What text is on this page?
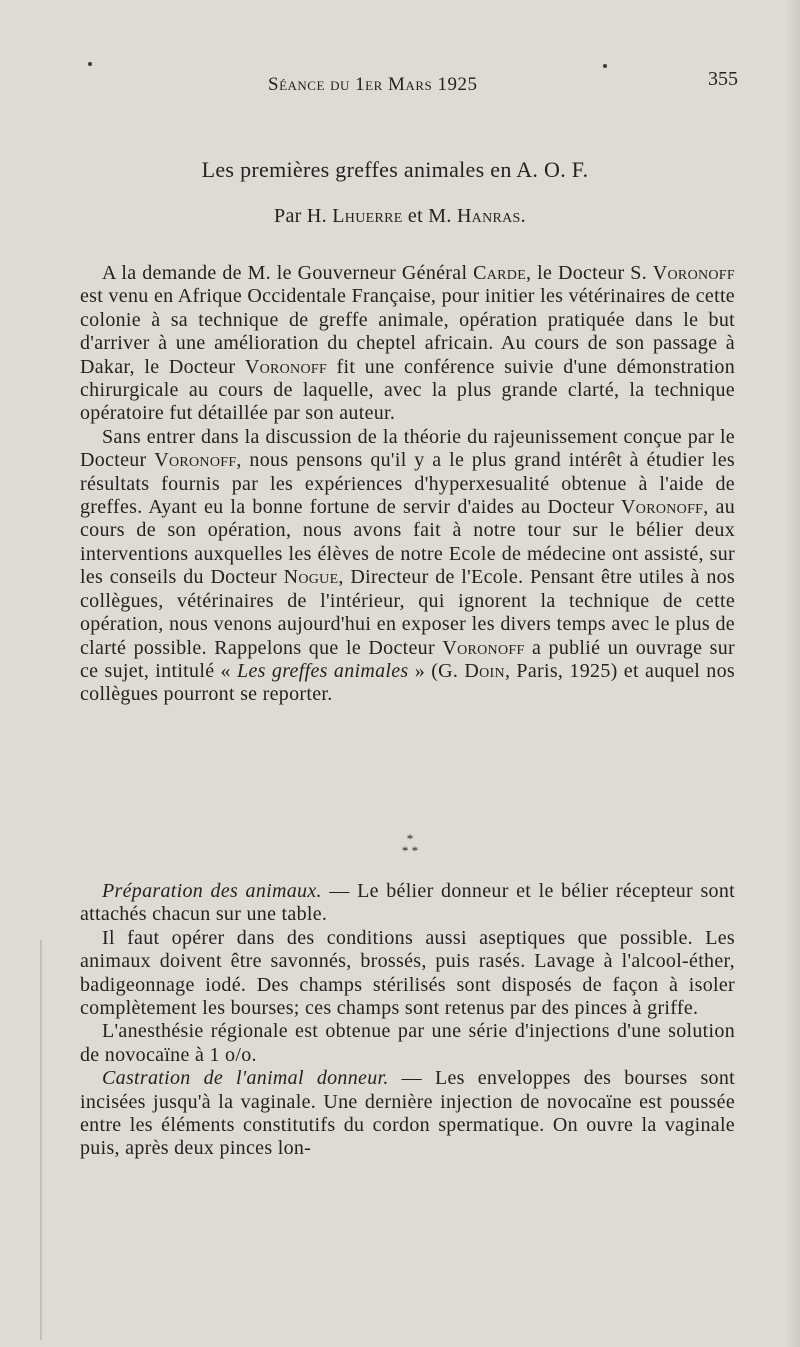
Séance du 1er Mars 1925	355
Les premières greffes animales en A. O. F.
Par H. Lhuerre et M. Hanras.

A la demande de M. le Gouverneur Général Carde, le Docteur S. Voronoff est venu en Afrique Occidentale Française, pour initier les vétérinaires de cette colonie à sa technique de greffe animale, opération pratiquée dans le but d'arriver à une amélioration du cheptel africain. Au cours de son passage à Dakar, le Docteur Voronoff fit une conférence suivie d'une démonstration chirurgicale au cours de laquelle, avec la plus grande clarté, la technique opératoire fut détaillée par son auteur.

Sans entrer dans la discussion de la théorie du rajeunissement conçue par le Docteur Voronoff, nous pensons qu'il y a le plus grand intérêt à étudier les résultats fournis par les expériences d'hyperxesualité obtenue à l'aide de greffes. Ayant eu la bonne fortune de servir d'aides au Docteur Voronoff, au cours de son opération, nous avons fait à notre tour sur le bélier deux interventions auxquelles les élèves de notre Ecole de médecine ont assisté, sur les conseils du Docteur Nogue, Directeur de l'Ecole. Pensant être utiles à nos collègues, vétérinaires de l'intérieur, qui ignorent la technique de cette opération, nous venons aujourd'hui en exposer les divers temps avec le plus de clarté possible. Rappelons que le Docteur Voronoff a publié un ouvrage sur ce sujet, intitulé « Les greffes animales » (G. Doin, Paris, 1925) et auquel nos collègues pourront se reporter.

*
* *

Préparation des animaux. — Le bélier donneur et le bélier récepteur sont attachés chacun sur une table.

Il faut opérer dans des conditions aussi aseptiques que possible. Les animaux doivent être savonnés, brossés, puis rasés. Lavage à l'alcool-éther, badigeonnage iodé. Des champs stérilisés sont disposés de façon à isoler complètement les bourses; ces champs sont retenus par des pinces à griffe.

L'anesthésie régionale est obtenue par une série d'injections d'une solution de novocaïne à 1 o/o.

Castration de l'animal donneur. — Les enveloppes des bourses sont incisées jusqu'à la vaginale. Une dernière injection de novocaïne est poussée entre les éléments constitutifs du cordon spermatique. On ouvre la vaginale puis, après deux pinces lon-
